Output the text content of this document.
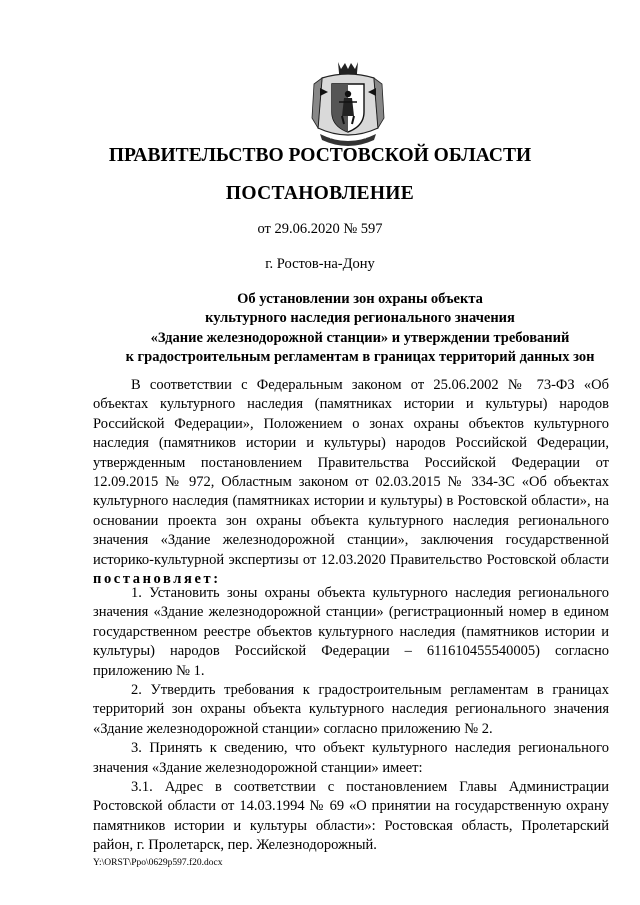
ПРАВИТЕЛЬСТВО РОСТОВСКОЙ ОБЛАСТИ
ПОСТАНОВЛЕНИЕ
от 29.06.2020 № 597
г. Ростов-на-Дону
Об установлении зон охраны объекта
культурного наследия регионального значения
«Здание железнодорожной станции» и утверждении требований
к градостроительным регламентам в границах территорий данных зон

В соответствии с Федеральным законом от 25.06.2002 № 73-ФЗ «Об объектах культурного наследия (памятниках истории и культуры) народов Российской Федерации», Положением о зонах охраны объектов культурного наследия (памятников истории и культуры) народов Российской Федерации, утвержденным постановлением Правительства Российской Федерации от 12.09.2015 № 972, Областным законом от 02.03.2015 № 334-ЗС «Об объектах культурного наследия (памятниках истории и культуры) в Ростовской области», на основании проекта зон охраны объекта культурного наследия регионального значения «Здание железнодорожной станции», заключения государственной историко-культурной экспертизы от 12.03.2020 Правительство Ростовской области постановляет:

1. Установить зоны охраны объекта культурного наследия регионального значения «Здание железнодорожной станции» (регистрационный номер в едином государственном реестре объектов культурного наследия (памятников истории и культуры) народов Российской Федерации – 611610455540005) согласно приложению № 1.

2. Утвердить требования к градостроительным регламентам в границах территорий зон охраны объекта культурного наследия регионального значения «Здание железнодорожной станции» согласно приложению № 2.

3. Принять к сведению, что объект культурного наследия регионального значения «Здание железнодорожной станции» имеет:

3.1. Адрес в соответствии с постановлением Главы Администрации Ростовской области от 14.03.1994 № 69 «О принятии на государственную охрану памятников истории и культуры области»: Ростовская область, Пролетарский район, г. Пролетарск, пер. Железнодорожный.

Y:\ORST\Ppo\0629p597.f20.docx
